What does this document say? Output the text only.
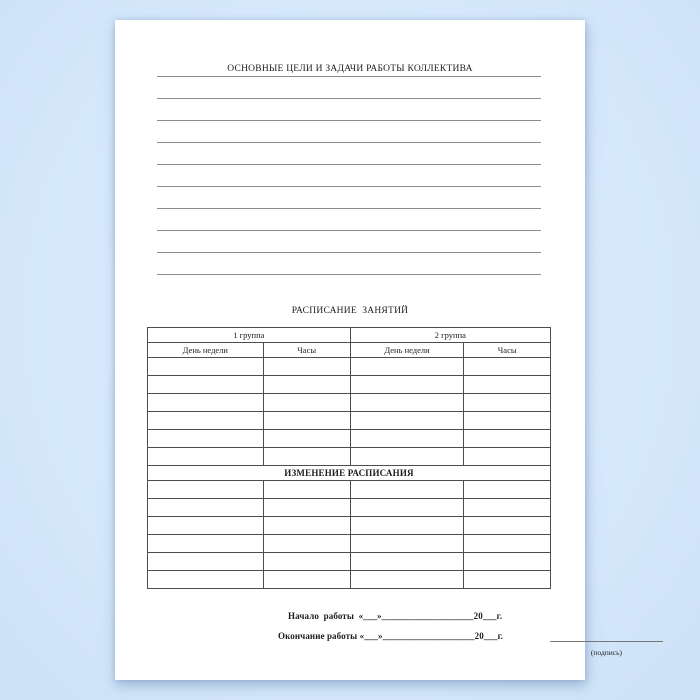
ОСНОВНЫЕ ЦЕЛИ И ЗАДАЧИ РАБОТЫ КОЛЛЕКТИВА
РАСПИСАНИЕ  ЗАНЯТИЙ
1 группа		2 группа	
День недели	Часы	День недели	Часы

ИЗМЕНЕНИЕ РАСПИСАНИЯ			

Начало  работы  «___»____________________20___г.
Окончание работы «___»____________________20___г.
(подпись)
